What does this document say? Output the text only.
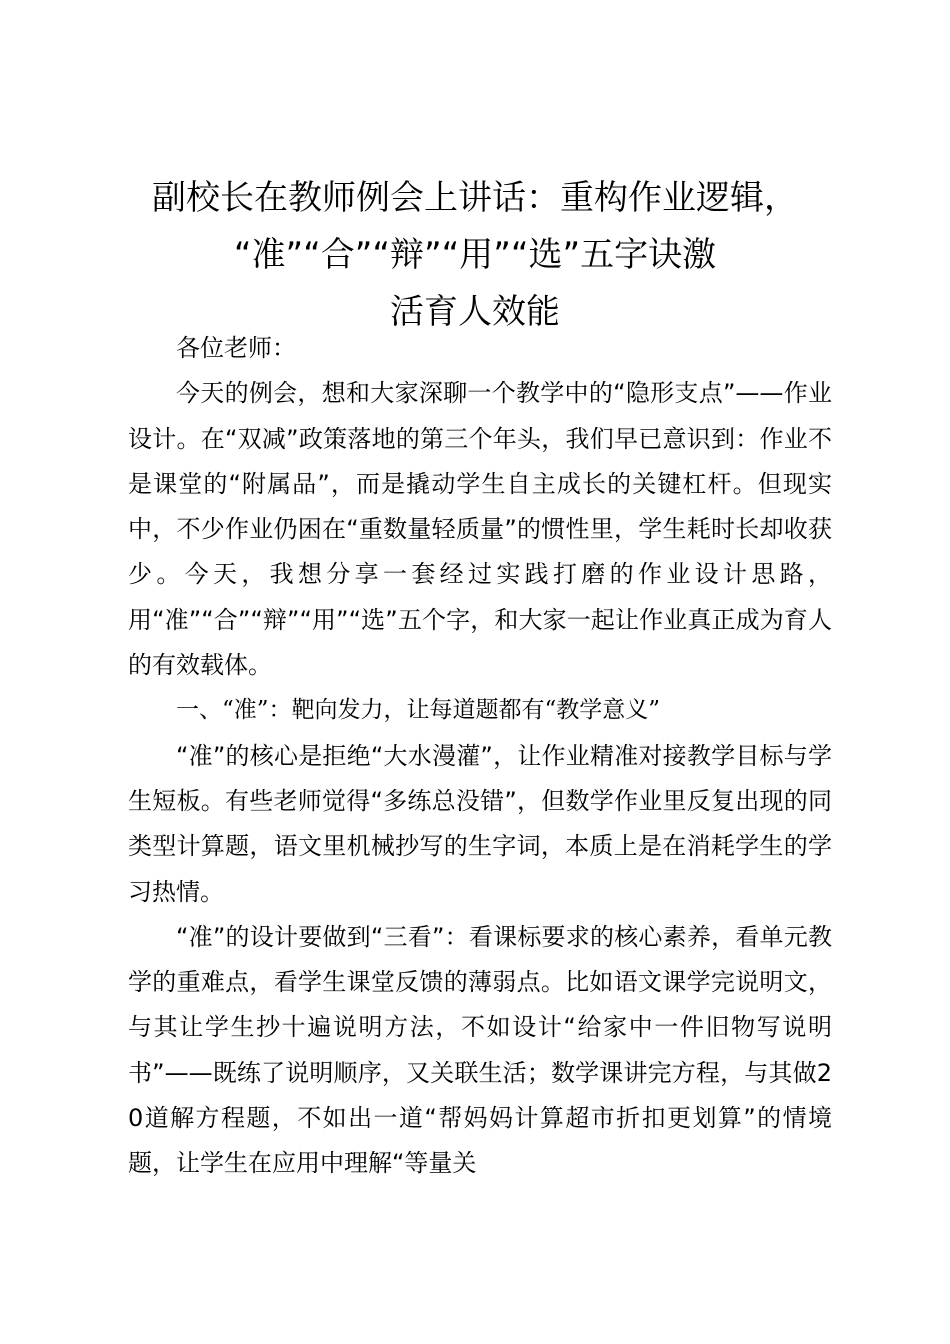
副校长在教师例会上讲话：重构作业逻辑，
“准”“合”“辩”“用”“选”五字诀激
活育人效能

各位老师：

今天的例会，想和大家深聊一个教学中的“隐形支点”——作业设计。在“双减”政策落地的第三个年头，我们早已意识到：作业不是课堂的“附属品”，而是撬动学生自主成长的关键杠杆。但现实中，不少作业仍困在“重数量轻质量”的惯性里，学生耗时长却收获少。今天，我想分享一套经过实践打磨的作业设计思路，用“准”“合”“辩”“用”“选”五个字，和大家一起让作业真正成为育人的有效载体。

一、“准”：靶向发力，让每道题都有“教学意义”

“准”的核心是拒绝“大水漫灌”，让作业精准对接教学目标与学生短板。有些老师觉得“多练总没错”，但数学作业里反复出现的同类型计算题，语文里机械抄写的生字词，本质上是在消耗学生的学习热情。

“准”的设计要做到“三看”：看课标要求的核心素养，看单元教学的重难点，看学生课堂反馈的薄弱点。比如语文课学完说明文，与其让学生抄十遍说明方法，不如设计“给家中一件旧物写说明书”——既练了说明顺序，又关联生活；数学课讲完方程，与其做20道解方程题，不如出一道“帮妈妈计算超市折扣更划算”的情境题，让学生在应用中理解“等量关
